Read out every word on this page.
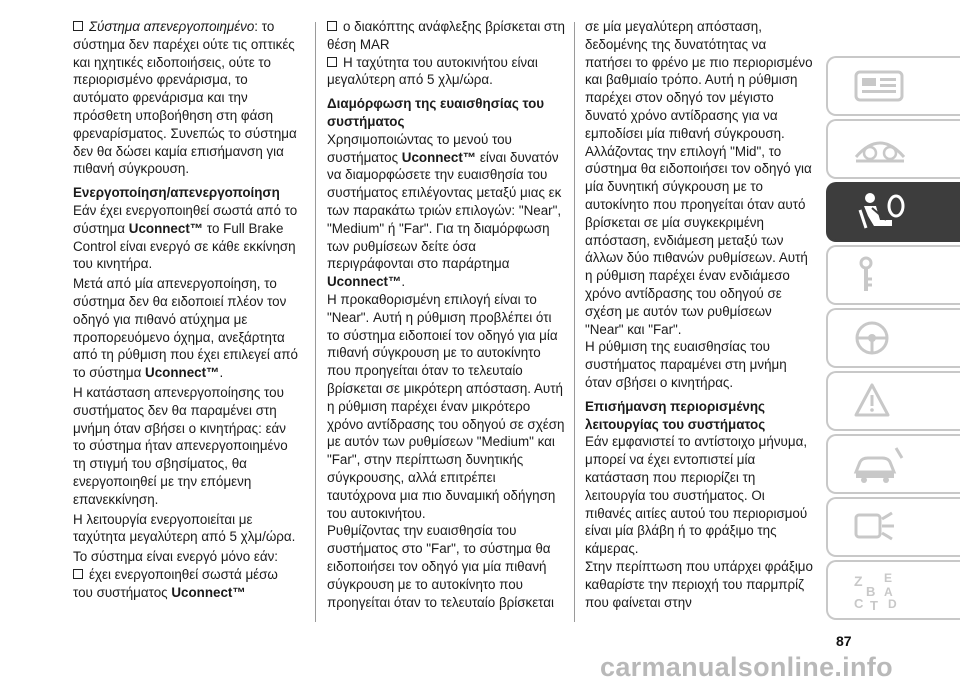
Σύστημα απενεργοποιημένο: το σύστημα δεν παρέχει ούτε τις οπτικές και ηχητικές ειδοποιήσεις, ούτε το περιορισμένο φρενάρισμα, το αυτόματο φρενάρισμα και την πρόσθετη υποβοήθηση στη φάση φρεναρίσματος. Συνεπώς το σύστημα δεν θα δώσει καμία επισήμανση για πιθανή σύγκρουση.

Ενεργοποίηση/απενεργοποίηση

Εάν έχει ενεργοποιηθεί σωστά από το σύστημα Uconnect™ το Full Brake Control είναι ενεργό σε κάθε εκκίνηση του κινητήρα.

Μετά από μία απενεργοποίηση, το σύστημα δεν θα ειδοποιεί πλέον τον οδηγό για πιθανό ατύχημα με προπορευόμενο όχημα, ανεξάρτητα από τη ρύθμιση που έχει επιλεγεί από το σύστημα Uconnect™.

Η κατάσταση απενεργοποίησης του συστήματος δεν θα παραμένει στη μνήμη όταν σβήσει ο κινητήρας: εάν το σύστημα ήταν απενεργοποιημένο τη στιγμή του σβησίματος, θα ενεργοποιηθεί με την επόμενη επανεκκίνηση.

Η λειτουργία ενεργοποιείται με ταχύτητα μεγαλύτερη από 5 χλμ/ώρα.

Το σύστημα είναι ενεργό μόνο εάν:

έχει ενεργοποιηθεί σωστά μέσω του συστήματος Uconnect™

ο διακόπτης ανάφλεξης βρίσκεται στη θέση MAR

Η ταχύτητα του αυτοκινήτου είναι μεγαλύτερη από 5 χλμ/ώρα.

Διαμόρφωση της ευαισθησίας του συστήματος

Χρησιμοποιώντας το μενού του συστήματος Uconnect™ είναι δυνατόν να διαμορφώσετε την ευαισθησία του συστήματος επιλέγοντας μεταξύ μιας εκ των παρακάτω τριών επιλογών: "Near", "Medium" ή "Far". Για τη διαμόρφωση των ρυθμίσεων δείτε όσα περιγράφονται στο παράρτημα Uconnect™.

Η προκαθορισμένη επιλογή είναι το "Near". Αυτή η ρύθμιση προβλέπει ότι το σύστημα ειδοποιεί τον οδηγό για μία πιθανή σύγκρουση με το αυτοκίνητο που προηγείται όταν το τελευταίο βρίσκεται σε μικρότερη απόσταση. Αυτή η ρύθμιση παρέχει έναν μικρότερο χρόνο αντίδρασης του οδηγού σε σχέση με αυτόν των ρυθμίσεων "Medium" και "Far", στην περίπτωση δυνητικής σύγκρουσης, αλλά επιτρέπει ταυτόχρονα μια πιο δυναμική οδήγηση του αυτοκινήτου.

Ρυθμίζοντας την ευαισθησία του συστήματος στο "Far", το σύστημα θα ειδοποιήσει τον οδηγό για μία πιθανή σύγκρουση με το αυτοκίνητο που προηγείται όταν το τελευταίο βρίσκεται

σε μία μεγαλύτερη απόσταση, δεδομένης της δυνατότητας να πατήσει το φρένο με πιο περιορισμένο και βαθμιαίο τρόπο. Αυτή η ρύθμιση παρέχει στον οδηγό τον μέγιστο δυνατό χρόνο αντίδρασης για να εμποδίσει μία πιθανή σύγκρουση.

Αλλάζοντας την επιλογή "Mid", το σύστημα θα ειδοποιήσει τον οδηγό για μία δυνητική σύγκρουση με το αυτοκίνητο που προηγείται όταν αυτό βρίσκεται σε μία συγκεκριμένη απόσταση, ενδιάμεση μεταξύ των άλλων δύο πιθανών ρυθμίσεων. Αυτή η ρύθμιση παρέχει έναν ενδιάμεσο χρόνο αντίδρασης του οδηγού σε σχέση με αυτόν των ρυθμίσεων "Near" και "Far".

Η ρύθμιση της ευαισθησίας του συστήματος παραμένει στη μνήμη όταν σβήσει ο κινητήρας.

Επισήμανση περιορισμένης λειτουργίας του συστήματος

Εάν εμφανιστεί το αντίστοιχο μήνυμα, μπορεί να έχει εντοπιστεί μία κατάσταση που περιορίζει τη λειτουργία του συστήματος. Οι πιθανές αιτίες αυτού του περιορισμού είναι μία βλάβη ή το φράξιμο της κάμερας.

Στην περίπτωση που υπάρχει φράξιμο καθαρίστε την περιοχή του παρμπρίζ που φαίνεται στην

Z E
B A
C T D
87
carmanualsonline.info
